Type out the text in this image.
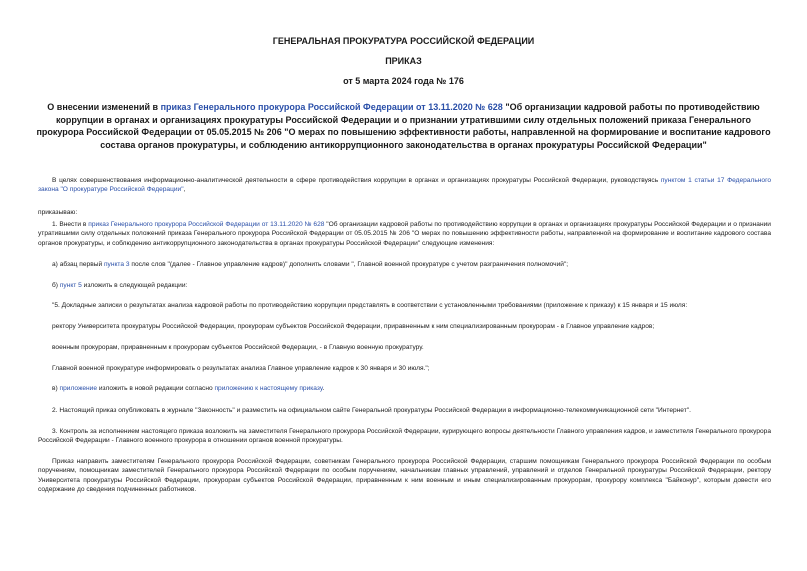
ГЕНЕРАЛЬНАЯ ПРОКУРАТУРА РОССИЙСКОЙ ФЕДЕРАЦИИ
ПРИКАЗ
от 5 марта 2024 года № 176
О внесении изменений в приказ Генерального прокурора Российской Федерации от 13.11.2020 № 628 "Об организации кадровой работы по противодействию коррупции в органах и организациях прокуратуры Российской Федерации и о признании утратившими силу отдельных положений приказа Генерального прокурора Российской Федерации от 05.05.2015 № 206 "О мерах по повышению эффективности работы, направленной на формирование и воспитание кадрового состава органов прокуратуры, и соблюдению антикоррупционного законодательства в органах прокуратуры Российской Федерации"
В целях совершенствования информационно-аналитической деятельности в сфере противодействия коррупции в органах и организациях прокуратуры Российской Федерации, руководствуясь пунктом 1 статьи 17 Федерального закона "О прокуратуре Российской Федерации",
приказываю:
1. Внести в приказ Генерального прокурора Российской Федерации от 13.11.2020 № 628 "Об организации кадровой работы по противодействию коррупции в органах и организациях прокуратуры Российской Федерации и о признании утратившими силу отдельных положений приказа Генерального прокурора Российской Федерации от 05.05.2015 № 206 "О мерах по повышению эффективности работы, направленной на формирование и воспитание кадрового состава органов прокуратуры, и соблюдению антикоррупционного законодательства в органах прокуратуры Российской Федерации" следующие изменения:
а) абзац первый пункта 3 после слов "(далее - Главное управление кадров)" дополнить словами ", Главной военной прокуратуре с учетом разграничения полномочий";
б) пункт 5 изложить в следующей редакции:
"5. Докладные записки о результатах анализа кадровой работы по противодействию коррупции представлять в соответствии с установленными требованиями (приложение к приказу) к 15 января и 15 июля:
ректору Университета прокуратуры Российской Федерации, прокурорам субъектов Российской Федерации, приравненным к ним специализированным прокурорам - в Главное управление кадров;
военным прокурорам, приравненным к прокурорам субъектов Российской Федерации, - в Главную военную прокуратуру.
Главной военной прокуратуре информировать о результатах анализа Главное управление кадров к 30 января и 30 июля.";
в) приложение изложить в новой редакции согласно приложению к настоящему приказу.
2. Настоящий приказ опубликовать в журнале "Законность" и разместить на официальном сайте Генеральной прокуратуры Российской Федерации в информационно-телекоммуникационной сети "Интернет".
3. Контроль за исполнением настоящего приказа возложить на заместителя Генерального прокурора Российской Федерации, курирующего вопросы деятельности Главного управления кадров, и заместителя Генерального прокурора Российской Федерации - Главного военного прокурора в отношении органов военной прокуратуры.
Приказ направить заместителям Генерального прокурора Российской Федерации, советникам Генерального прокурора Российской Федерации, старшим помощникам Генерального прокурора Российской Федерации по особым поручениям, помощникам заместителей Генерального прокурора Российской Федерации по особым поручениям, начальникам главных управлений, управлений и отделов Генеральной прокуратуры Российской Федерации, ректору Университета прокуратуры Российской Федерации, прокурорам субъектов Российской Федерации, приравненным к ним военным и иным специализированным прокурорам, прокурору комплекса "Байконур", которым довести его содержание до сведения подчиненных работников.
